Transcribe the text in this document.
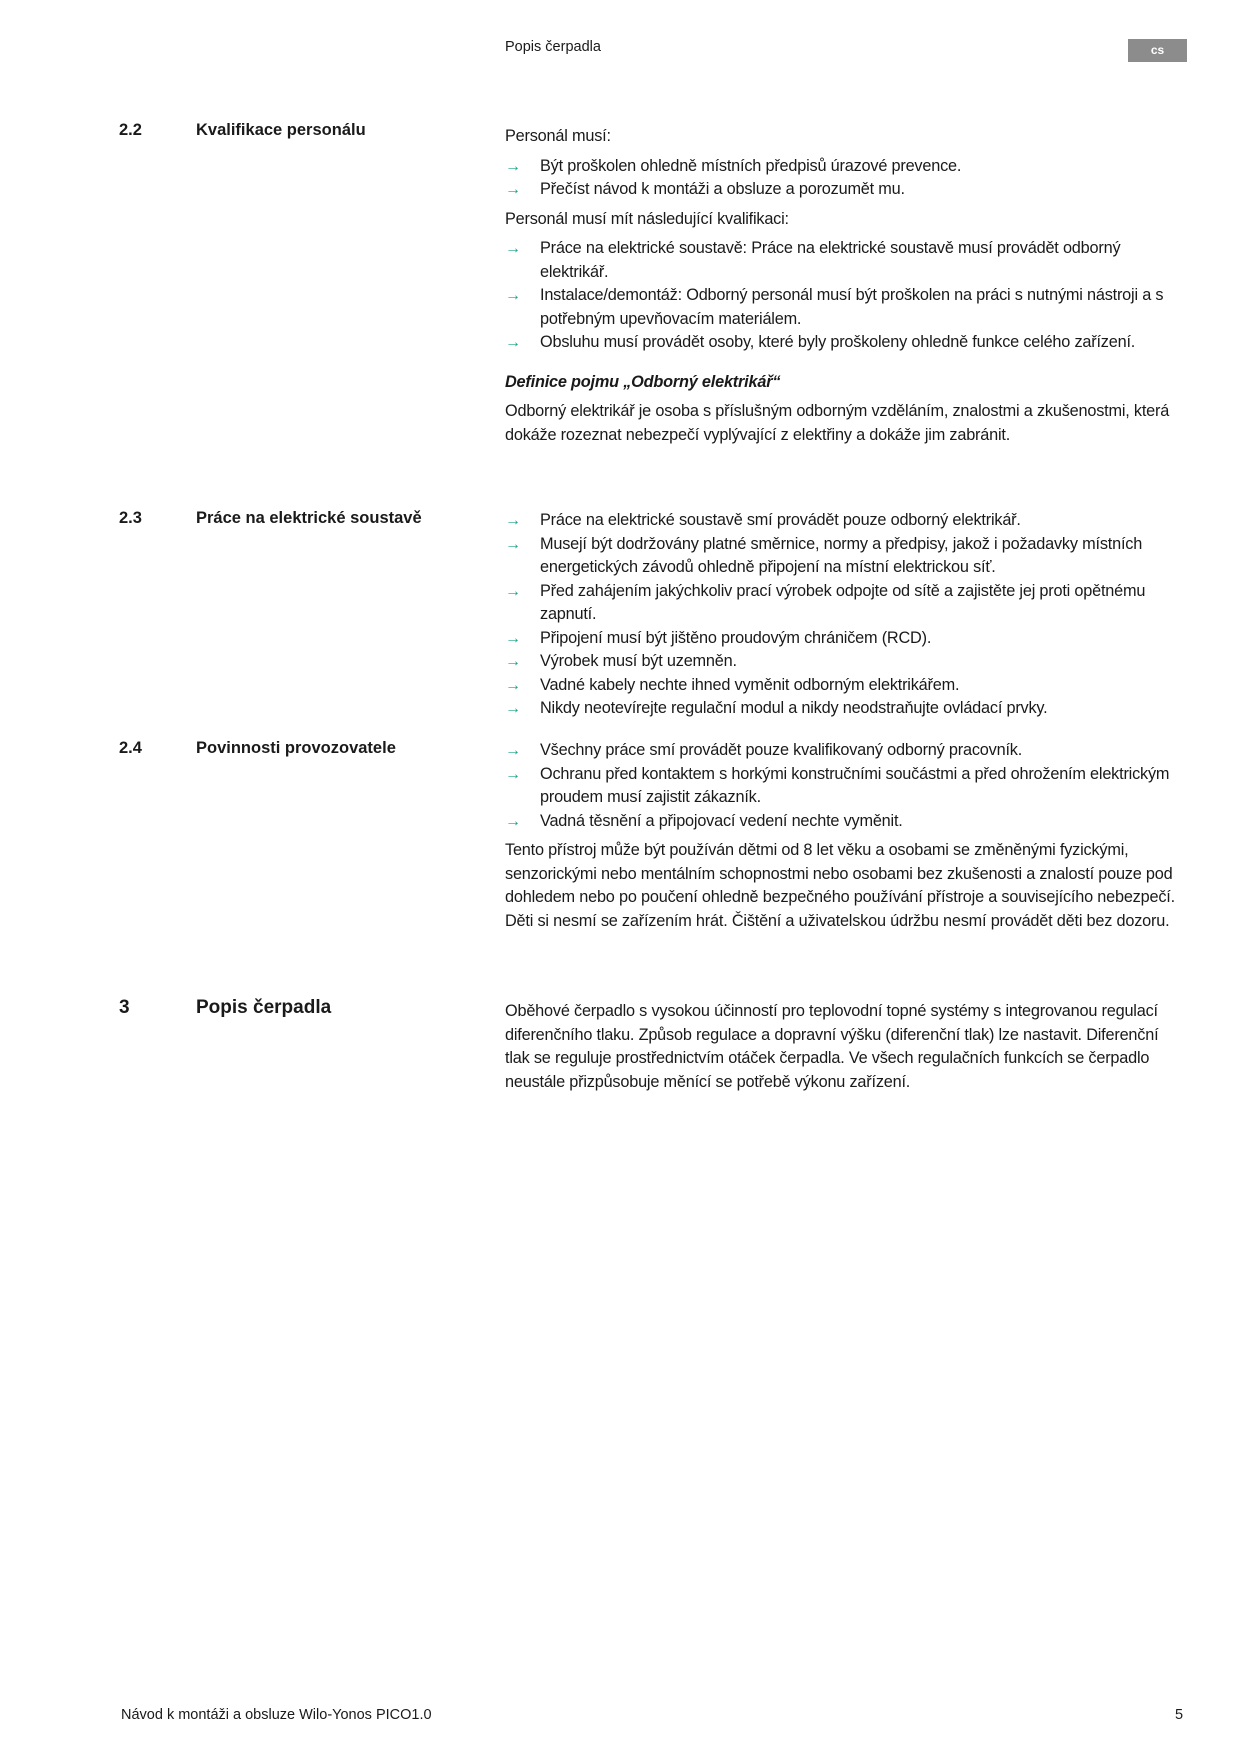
Popis čerpadla	cs
2.2	Kvalifikace personálu	Personál musí:

→ Být proškolen ohledně místních předpisů úrazové prevence.
→ Přečíst návod k montáži a obsluze a porozumět mu.

Personál musí mít následující kvalifikaci:

→ Práce na elektrické soustavě: Práce na elektrické soustavě musí provádět odborný elektrikář.
→ Instalace/demontáž: Odborný personál musí být proškolen na práci s nutnými nástroji a s potřebným upevňovacím materiálem.
→ Obsluhu musí provádět osoby, které byly proškoleny ohledně funkce celého zařízení.

Definice pojmu „Odborný elektrikář“

Odborný elektrikář je osoba s příslušným odborným vzděláním, znalostmi a zkušenostmi, která dokáže rozeznat nebezpečí vyplývající z elektřiny a dokáže jim zabránit.

2.3	Práce na elektrické soustavě	→ Práce na elektrické soustavě smí provádět pouze odborný elektrikář.
→ Musejí být dodržovány platné směrnice, normy a předpisy, jakož i požadavky místních energetických závodů ohledně připojení na místní elektrickou síť.
→ Před zahájením jakýchkoliv prací výrobek odpojte od sítě a zajistěte jej proti opětnému zapnutí.
→ Připojení musí být jištěno proudovým chráničem (RCD).
→ Výrobek musí být uzemněn.
→ Vadné kabely nechte ihned vyměnit odborným elektrikářem.
→ Nikdy neotevírejte regulační modul a nikdy neodstraňujte ovládací prvky.
2.4	Povinnosti provozovatele	→ Všechny práce smí provádět pouze kvalifikovaný odborný pracovník.
→ Ochranu před kontaktem s horkými konstručními součástmi a před ohrožením elektrickým proudem musí zajistit zákazník.
→ Vadná těsnění a připojovací vedení nechte vyměnit.

Tento přístroj může být používán dětmi od 8 let věku a osobami se změněnými fyzickými, senzorickými nebo mentálním schopnostmi nebo osobami bez zkušenosti a znalostí pouze pod dohledem nebo po poučení ohledně bezpečného používání přístroje a souvisejícího nebezpečí. Děti si nesmí se zařízením hrát. Čištění a uživatelskou údržbu nesmí provádět děti bez dozoru.

3	Popis čerpadla	Oběhové čerpadlo s vysokou účinností pro teplovodní topné systémy s integrovanou regulací diferenčního tlaku. Způsob regulace a dopravní výšku (diferenční tlak) lze nastavit. Diferenční tlak se reguluje prostřednictvím otáček čerpadla. Ve všech regulačních funkcích se čerpadlo neustále přizpůsobuje měnící se potřebě výkonu zařízení.

Návod k montáži a obsluze Wilo-Yonos PICO1.0	5
